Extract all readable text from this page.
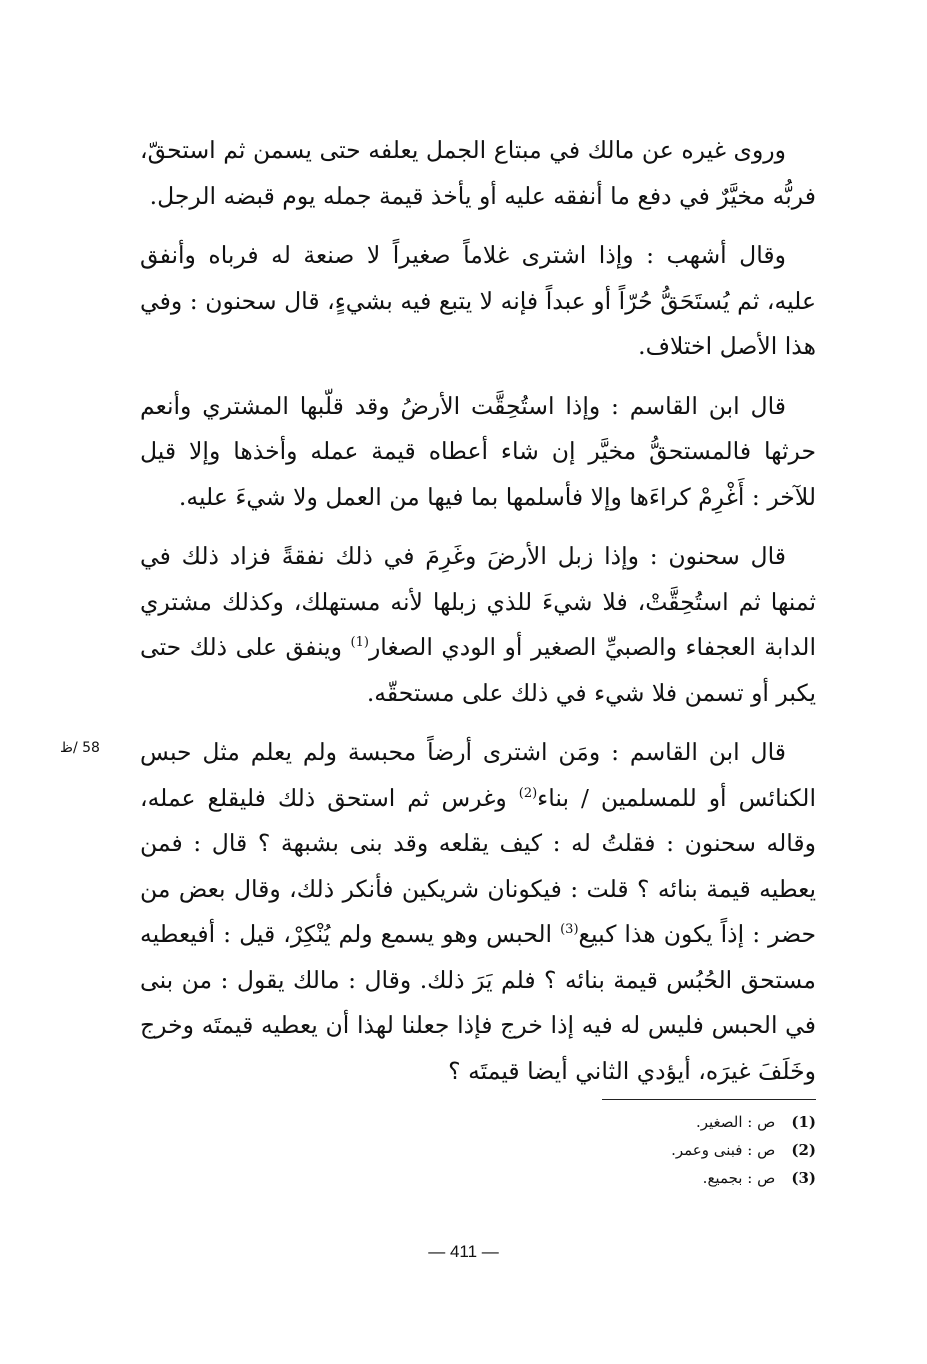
وروى غيره عن مالك في مبتاع الجمل يعلفه حتى يسمن ثم استحقّ، فربُّه مخيَّرٌ في دفع ما أنفقه عليه أو يأخذ قيمة جمله يوم قبضه الرجل.

وقال أشهب : وإذا اشترى غلاماً صغيراً لا صنعة له فرباه وأنفق عليه، ثم يُستَحَقُّ حُرّاً أو عبداً فإنه لا يتبع فيه بشيءٍ، قال سحنون : وفي هذا الأصل اختلاف.

قال ابن القاسم : وإذا استُحِقَّت الأرضُ وقد قلّبها المشتري وأنعم حرثها فالمستحقُّ مخيَّر إن شاء أعطاه قيمة عمله وأخذها وإلا قيل للآخر : أَغْرِمْ كراءَها وإلا فأسلمها بما فيها من العمل ولا شيءَ عليه.

قال سحنون : وإذا زبل الأرضَ وغَرِمَ في ذلك نفقةً فزاد ذلك في ثمنها ثم استُحِقَّتْ، فلا شيءَ للذي زبلها لأنه مستهلك، وكذلك مشتري الدابة العجفاء والصبيِّ الصغير أو الودي الصغار$^{(1)}$ وينفق على ذلك حتى يكبر أو تسمن فلا شيء في ذلك على مستحقّه.

قال ابن القاسم : ومَن اشترى أرضاً محبسة ولم يعلم مثل حبس الكنائس أو للمسلمين / بناء$^{(2)}$ وغرس ثم استحق ذلك فليقلع عمله، وقاله سحنون : فقلتُ له : كيف يقلعه وقد بنى بشبهة ؟ قال : فمن يعطيه قيمة بنائه ؟ قلت : فيكونان شريكين فأنكر ذلك، وقال بعض من حضر : إذاً يكون هذا كبيع$^{(3)}$ الحبس وهو يسمع ولم يُنْكِرْ، قيل : أفيعطيه مستحق الحُبُس قيمة بنائه ؟ فلم يَرَ ذلك. وقال : مالك يقول : من بنى في الحبس فليس له فيه إذا خرج فإذا جعلنا لهذا أن يعطيه قيمتَه وخرج وخَلَفَ غيرَه، أيؤدي الثاني أيضا قيمتَه ؟

58 /ظ
(1) ص : الصغير.
(2) ص : فبنى وعمر.
(3) ص : بجميع.
— 411 —
